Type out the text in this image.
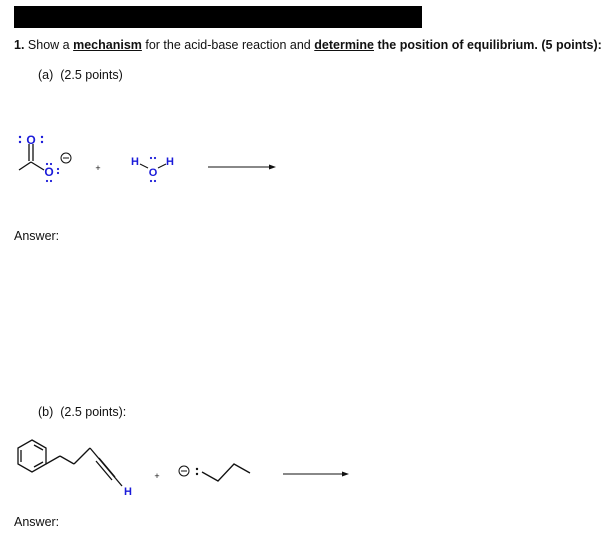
1. Show a mechanism for the acid-base reaction and determine the position of equilibrium. (5 points):
(a) (2.5 points)
Answer:
(b) (2.5 points):
Answer:
O
O	+	H H
O
H
+
